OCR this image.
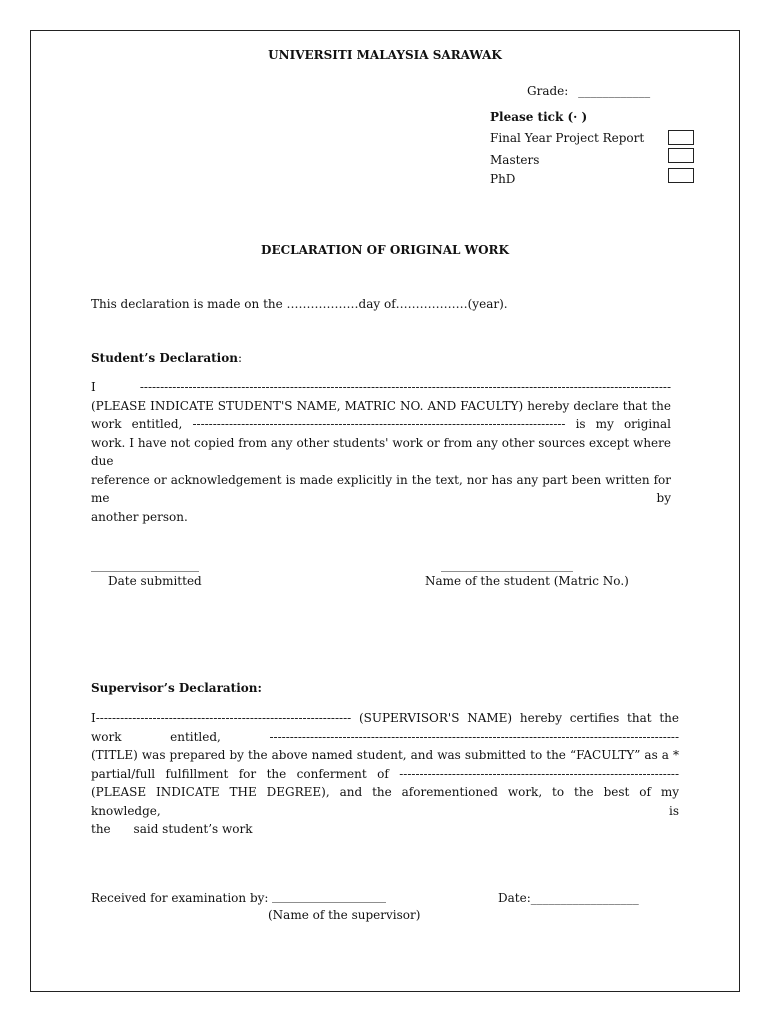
UNIVERSITI MALAYSIA SARAWAK
Grade: ____________
Please tick (· )
Final Year Project Report
Masters
PhD
DECLARATION OF ORIGINAL WORK
This declaration is made on the ………………day of………………(year).
Student’s Declaration:
I -----------------------------------------------------------------------------------------------------------------------------------
(PLEASE INDICATE STUDENT'S NAME, MATRIC NO. AND FACULTY) hereby declare that the
work entitled, -------------------------------------------------------------------------------------------- is my original
work. I have not copied from any other students' work or from any other sources except where due
reference or acknowledgement is made explicitly in the text, nor has any part been written for me by
another person.
__________________
Date submitted
______________________
Name of the student (Matric No.)
Supervisor’s Declaration:
I--------------------------------------------------------------- (SUPERVISOR'S NAME) hereby certifies that the
work entitled, -----------------------------------------------------------------------------------------------------
(TITLE) was prepared by the above named student, and was submitted to the “FACULTY” as a *
partial/full fulfillment for the conferment of ---------------------------------------------------------------------
(PLEASE INDICATE THE DEGREE), and the aforementioned work, to the best of my knowledge, is
the      said student’s work
Received for examination by: ___________________
(Name of the supervisor)
Date:__________________
